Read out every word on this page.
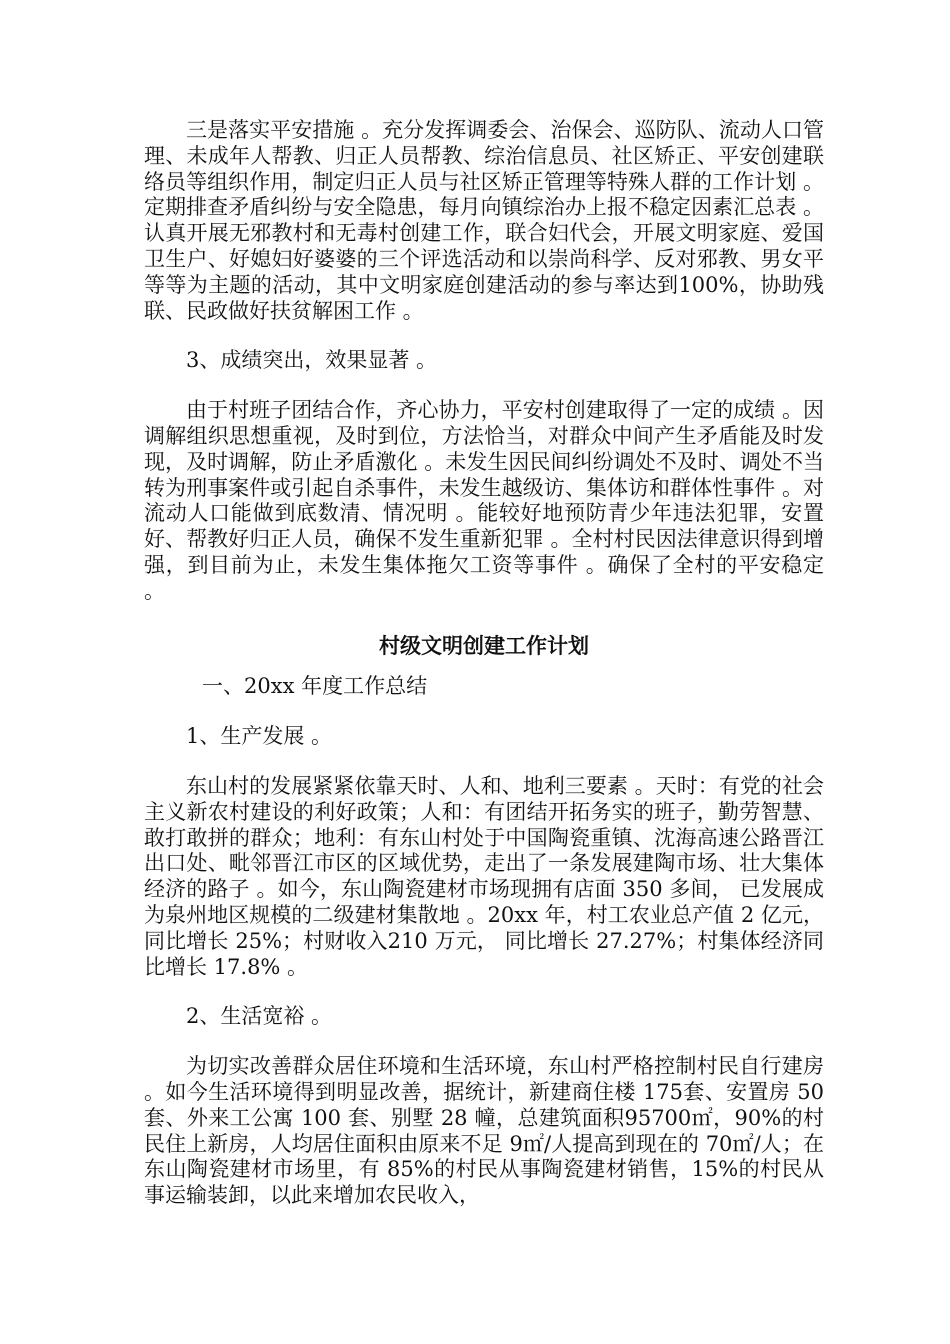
三是落实平安措施 。充分发挥调委会、治保会、巡防队、流动人口管理、未成年人帮教、归正人员帮教、综治信息员、社区矫正、平安创建联络员等组织作用，制定归正人员与社区矫正管理等特殊人群的工作计划 。定期排查矛盾纠纷与安全隐患，每月向镇综治办上报不稳定因素汇总表 。认真开展无邪教村和无毒村创建工作，联合妇代会，开展文明家庭、爱国卫生户、好媳妇好婆婆的三个评选活动和以崇尚科学、反对邪教、男女平等等为主题的活动，其中文明家庭创建活动的参与率达到100%，协助残联、民政做好扶贫解困工作 。

3、成绩突出，效果显著 。

由于村班子团结合作，齐心协力，平安村创建取得了一定的成绩 。因调解组织思想重视，及时到位，方法恰当，对群众中间产生矛盾能及时发现，及时调解，防止矛盾激化 。未发生因民间纠纷调处不及时、调处不当转为刑事案件或引起自杀事件，未发生越级访、集体访和群体性事件 。对流动人口能做到底数清、情况明 。能较好地预防青少年违法犯罪，安置好、帮教好归正人员，确保不发生重新犯罪 。全村村民因法律意识得到增强，到目前为止，未发生集体拖欠工资等事件 。确保了全村的平安稳定 。

村级文明创建工作计划

一、20xx 年度工作总结

1、生产发展 。

东山村的发展紧紧依靠天时、人和、地利三要素 。天时：有党的社会主义新农村建设的利好政策；人和：有团结开拓务实的班子，勤劳智慧、敢打敢拼的群众；地利：有东山村处于中国陶瓷重镇、沈海高速公路晋江出口处、毗邻晋江市区的区域优势，走出了一条发展建陶市场、壮大集体经济的路子 。如今，东山陶瓷建材市场现拥有店面 350 多间， 已发展成为泉州地区规模的二级建材集散地 。20xx 年，村工农业总产值 2 亿元， 同比增长 25%；村财收入210 万元， 同比增长 27.27%；村集体经济同比增长 17.8% 。

2、生活宽裕 。

为切实改善群众居住环境和生活环境，东山村严格控制村民自行建房 。如今生活环境得到明显改善，据统计，新建商住楼 175套、安置房 50 套、外来工公寓 100 套、别墅 28 幢，总建筑面积95700㎡，90%的村民住上新房，人均居住面积由原来不足 9㎡/人提高到现在的 70㎡/人；在东山陶瓷建材市场里，有 85%的村民从事陶瓷建材销售，15%的村民从事运输装卸，以此来增加农民收入，
